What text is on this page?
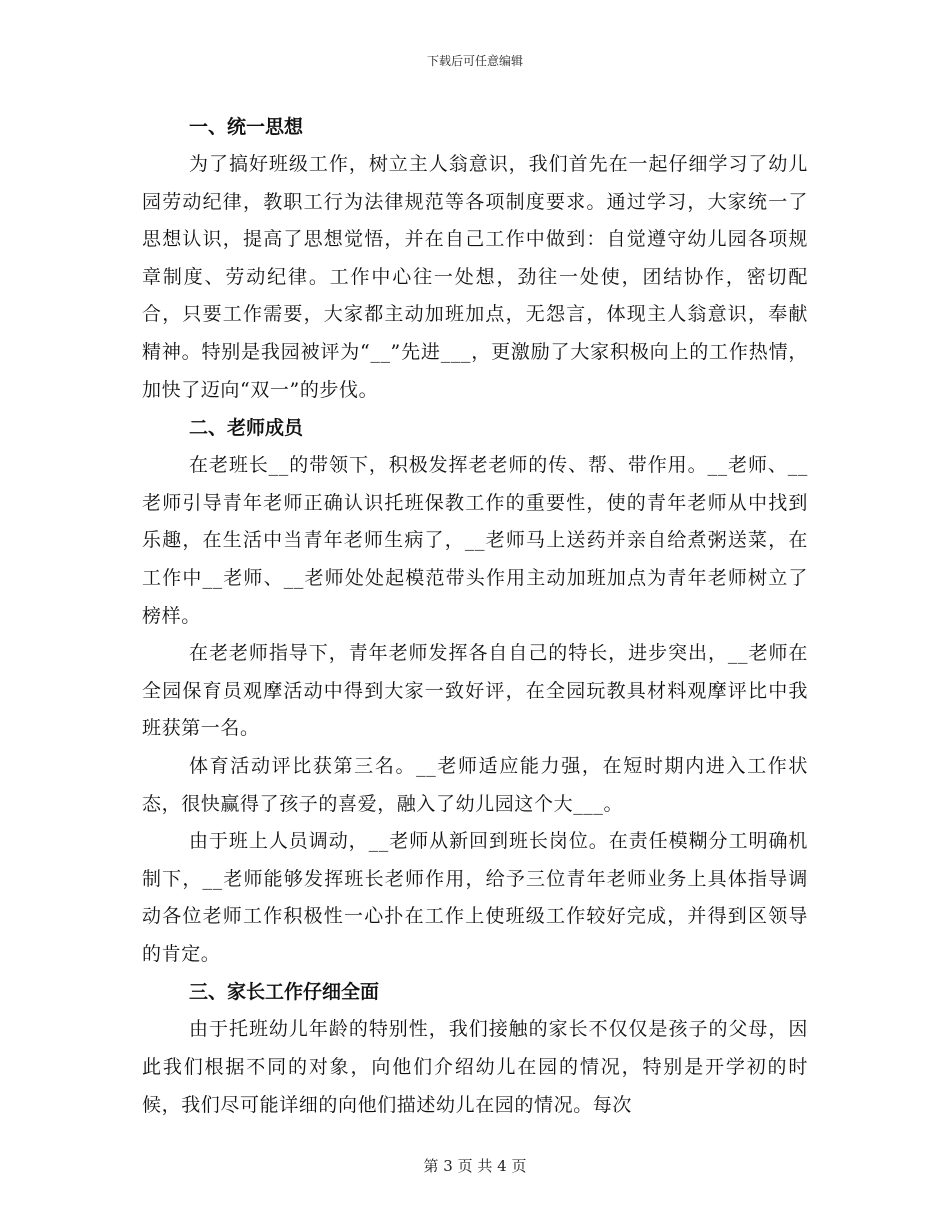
下载后可任意编辑
一、统一思想

为了搞好班级工作，树立主人翁意识，我们首先在一起仔细学习了幼儿园劳动纪律，教职工行为法律规范等各项制度要求。通过学习，大家统一了思想认识，提高了思想觉悟，并在自己工作中做到：自觉遵守幼儿园各项规章制度、劳动纪律。工作中心往一处想，劲往一处使，团结协作，密切配合，只要工作需要，大家都主动加班加点，无怨言，体现主人翁意识，奉献精神。特别是我园被评为“__”先进___，更激励了大家积极向上的工作热情，加快了迈向“双一”的步伐。

二、老师成员

在老班长__的带领下，积极发挥老老师的传、帮、带作用。__老师、__老师引导青年老师正确认识托班保教工作的重要性，使的青年老师从中找到乐趣，在生活中当青年老师生病了，__老师马上送药并亲自给煮粥送菜，在工作中__老师、__老师处处起模范带头作用主动加班加点为青年老师树立了榜样。

在老老师指导下，青年老师发挥各自自己的特长，进步突出，__老师在全园保育员观摩活动中得到大家一致好评，在全园玩教具材料观摩评比中我班获第一名。

体育活动评比获第三名。__老师适应能力强，在短时期内进入工作状态，很快赢得了孩子的喜爱，融入了幼儿园这个大___。

由于班上人员调动，__老师从新回到班长岗位。在责任模糊分工明确机制下，__老师能够发挥班长老师作用，给予三位青年老师业务上具体指导调动各位老师工作积极性一心扑在工作上使班级工作较好完成，并得到区领导的肯定。

三、家长工作仔细全面

由于托班幼儿年龄的特别性，我们接触的家长不仅仅是孩子的父母，因此我们根据不同的对象，向他们介绍幼儿在园的情况，特别是开学初的时候，我们尽可能详细的向他们描述幼儿在园的情况。每次

第 3 页 共 4 页
